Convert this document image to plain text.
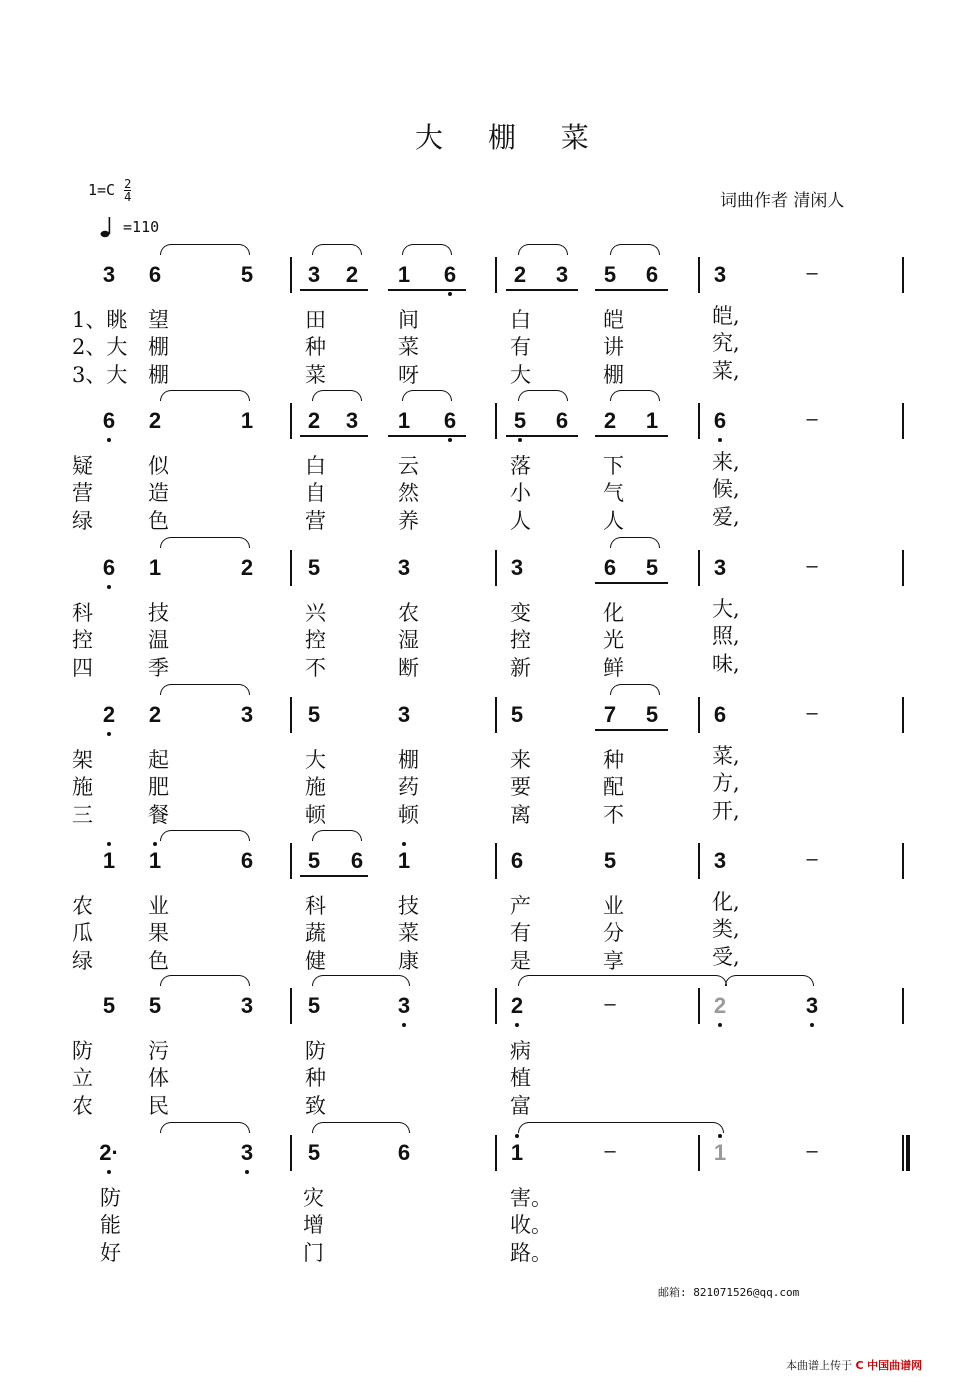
大 棚 菜
$1=C \frac{2}{4}$
=110
词曲作者 清闲人
3	6	5	3	2	1	6	2	3	5	6	3	–
1、眺 望	田	间	白	皑	皑,
2、大 棚	种	菜	有	讲	究,
3、大 棚	菜	呀	大	棚	菜,
6	2	1	2	3	1	6	5	6	2	1	6	–
疑	似	白	云	落	下	来,
营	造	自	然	小	气	候,
绿	色	营	养	人	人	爱,
6	1	2	5	3	3	6	5	3	–
科	技	兴	农	变	化	大,
控	温	控	湿	控	光	照,
四	季	不	断	新	鲜	味,
2	2	3	5	3	5	7	5	6	–
架	起	大	棚	来	种	菜,
施	肥	施	药	要	配	方,
三	餐	顿	顿	离	不	开,
1	1	6	5	6	1	6	5	3	–
农	业	科	技	产	业	化,
瓜	果	蔬	菜	有	分	类,
绿	色	健	康	是	享	受,
5	5	3	5	3	2	–	2	3
防	污	防	病
立	体	种	植
农	民	致	富
2·	3	5	6	1	–	1	–
防	灾	害。
能	增	收。
好	门	路。
邮箱: 821071526@qq.com
本曲谱上传于 C 中国曲谱网
